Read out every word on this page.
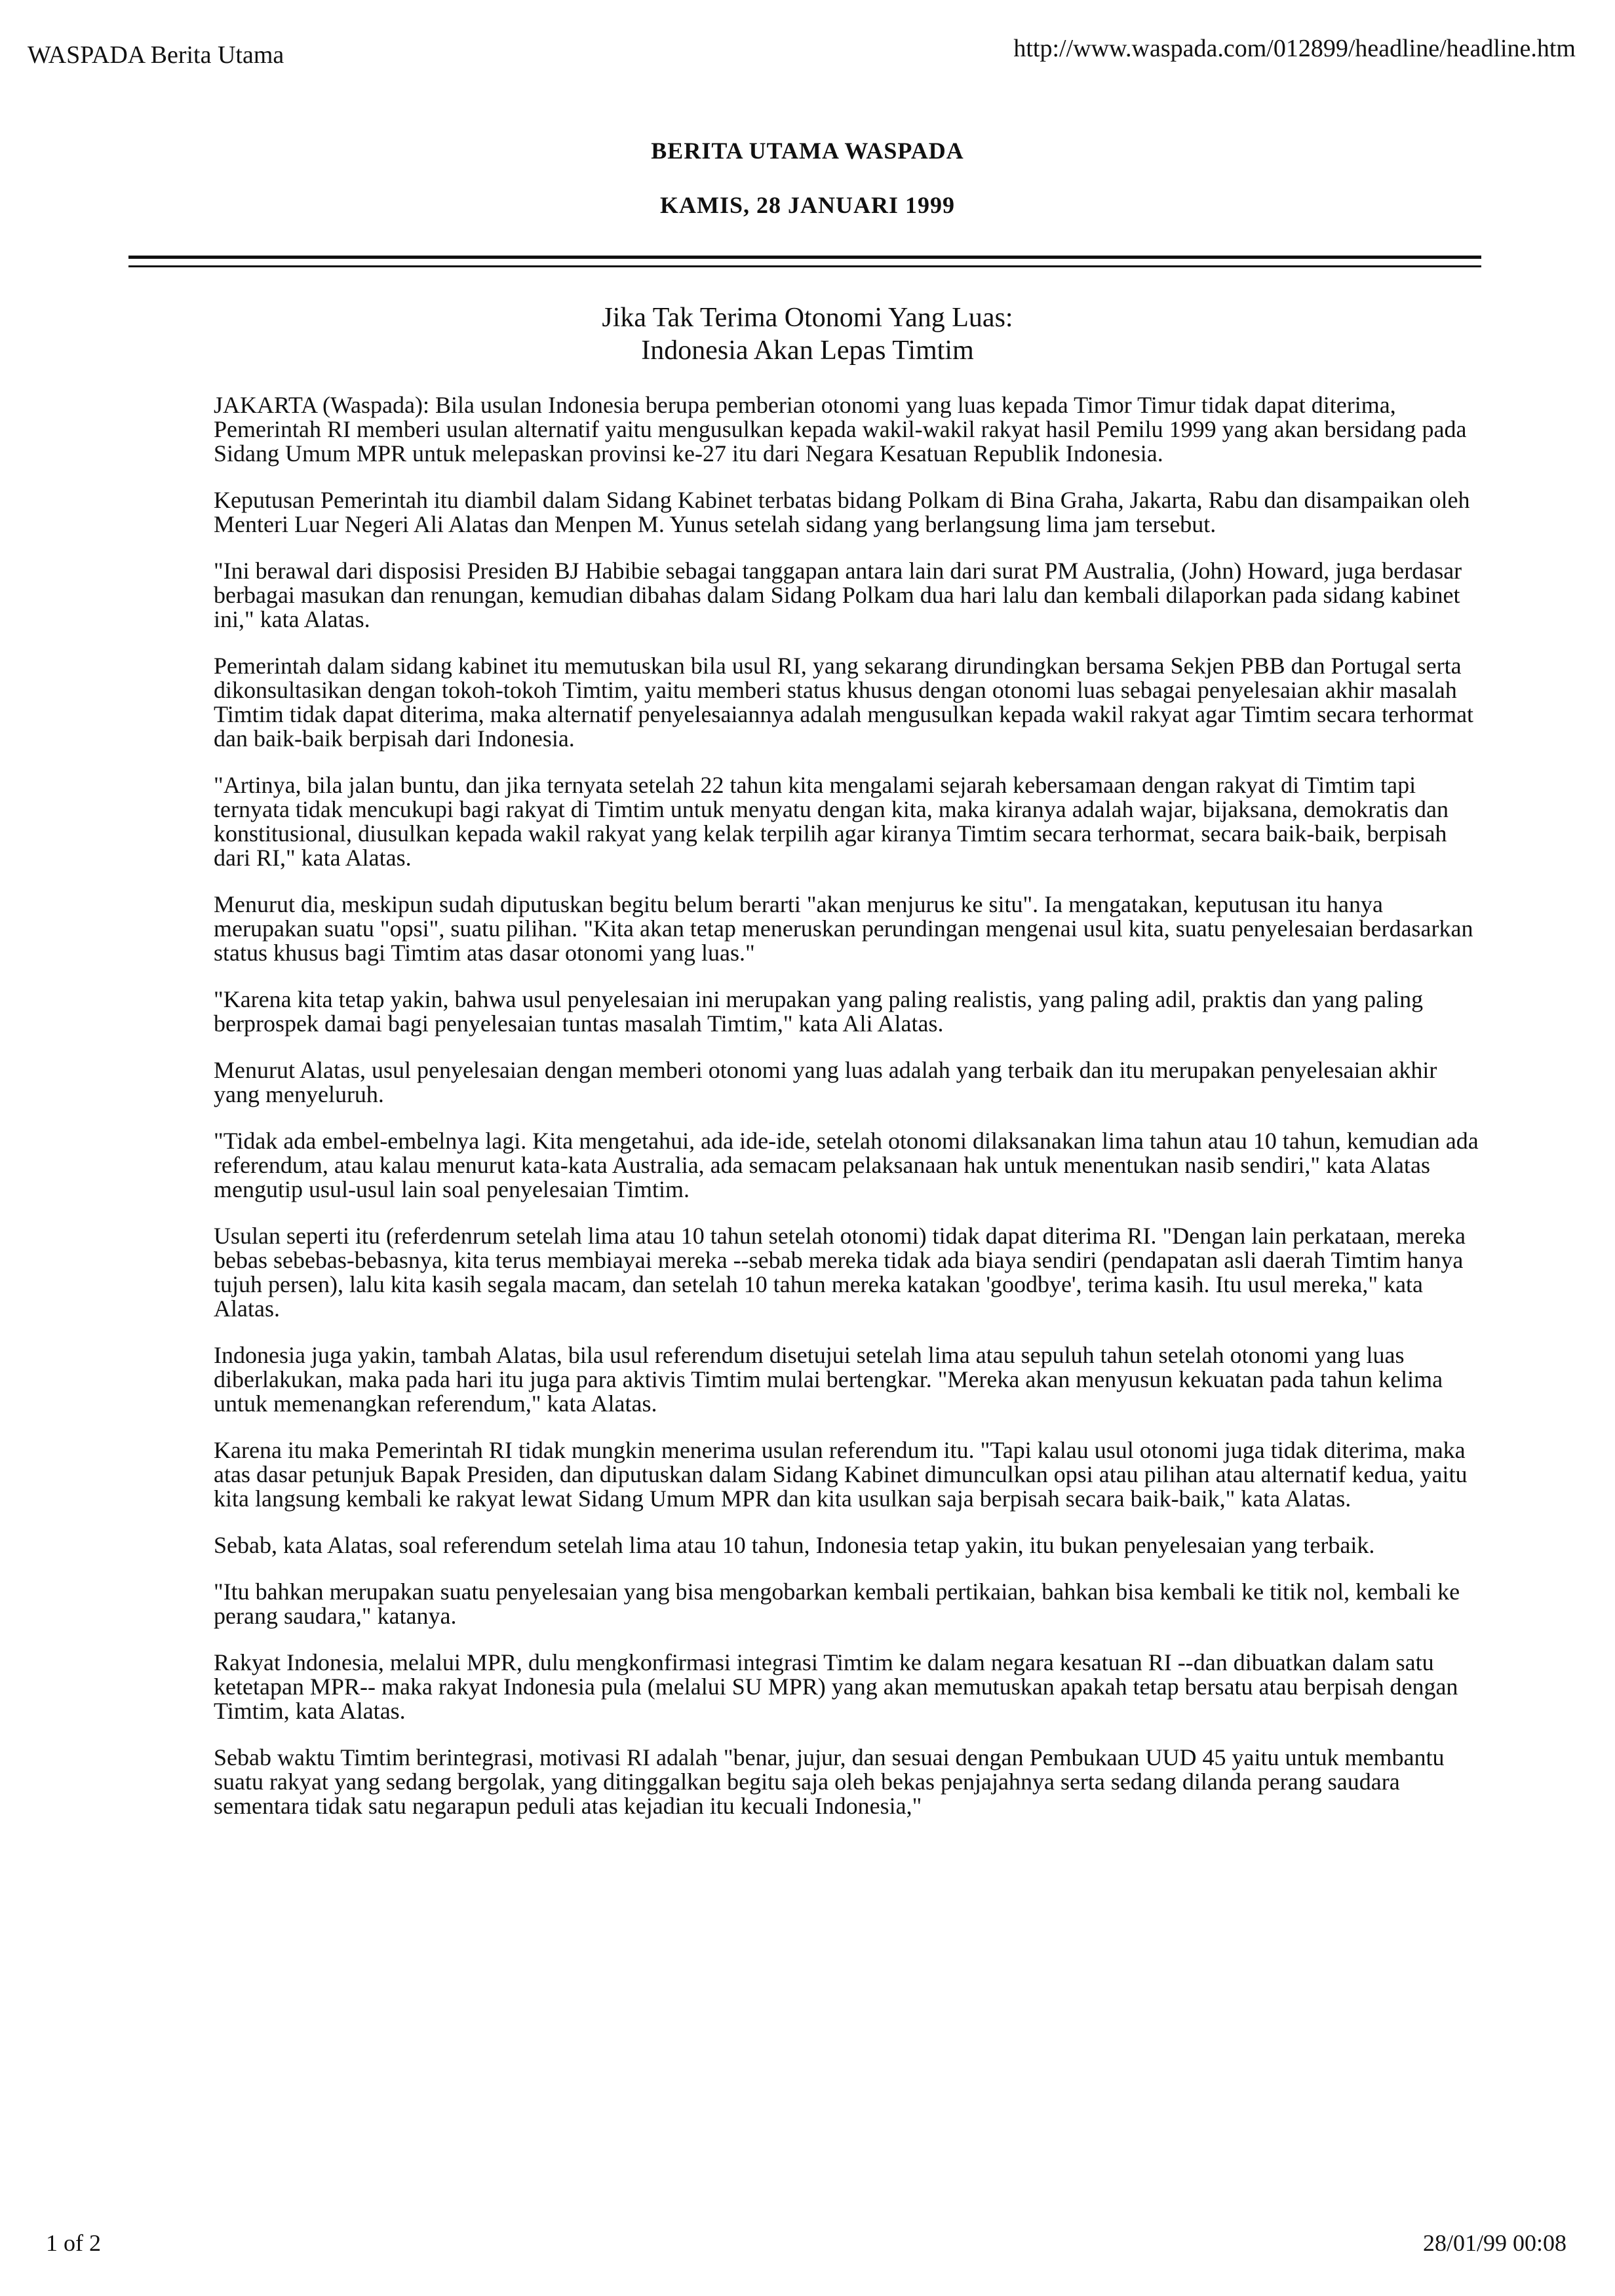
WASPADA Berita Utama	http://www.waspada.com/012899/headline/headline.htm
BERITA UTAMA WASPADA
KAMIS, 28 JANUARI 1999
Jika Tak Terima Otonomi Yang Luas:
Indonesia Akan Lepas Timtim

JAKARTA (Waspada): Bila usulan Indonesia berupa pemberian otonomi yang luas kepada Timor Timur tidak dapat diterima, Pemerintah RI memberi usulan alternatif yaitu mengusulkan kepada wakil-wakil rakyat hasil Pemilu 1999 yang akan bersidang pada Sidang Umum MPR untuk melepaskan provinsi ke-27 itu dari Negara Kesatuan Republik Indonesia.

Keputusan Pemerintah itu diambil dalam Sidang Kabinet terbatas bidang Polkam di Bina Graha, Jakarta, Rabu dan disampaikan oleh Menteri Luar Negeri Ali Alatas dan Menpen M. Yunus setelah sidang yang berlangsung lima jam tersebut.

"Ini berawal dari disposisi Presiden BJ Habibie sebagai tanggapan antara lain dari surat PM Australia, (John) Howard, juga berdasar berbagai masukan dan renungan, kemudian dibahas dalam Sidang Polkam dua hari lalu dan kembali dilaporkan pada sidang kabinet ini," kata Alatas.

Pemerintah dalam sidang kabinet itu memutuskan bila usul RI, yang sekarang dirundingkan bersama Sekjen PBB dan Portugal serta dikonsultasikan dengan tokoh-tokoh Timtim, yaitu memberi status khusus dengan otonomi luas sebagai penyelesaian akhir masalah Timtim tidak dapat diterima, maka alternatif penyelesaiannya adalah mengusulkan kepada wakil rakyat agar Timtim secara terhormat dan baik-baik berpisah dari Indonesia.

"Artinya, bila jalan buntu, dan jika ternyata setelah 22 tahun kita mengalami sejarah kebersamaan dengan rakyat di Timtim tapi ternyata tidak mencukupi bagi rakyat di Timtim untuk menyatu dengan kita, maka kiranya adalah wajar, bijaksana, demokratis dan konstitusional, diusulkan kepada wakil rakyat yang kelak terpilih agar kiranya Timtim secara terhormat, secara baik-baik, berpisah dari RI," kata Alatas.

Menurut dia, meskipun sudah diputuskan begitu belum berarti "akan menjurus ke situ". Ia mengatakan, keputusan itu hanya merupakan suatu "opsi", suatu pilihan. "Kita akan tetap meneruskan perundingan mengenai usul kita, suatu penyelesaian berdasarkan status khusus bagi Timtim atas dasar otonomi yang luas."

"Karena kita tetap yakin, bahwa usul penyelesaian ini merupakan yang paling realistis, yang paling adil, praktis dan yang paling berprospek damai bagi penyelesaian tuntas masalah Timtim," kata Ali Alatas.

Menurut Alatas, usul penyelesaian dengan memberi otonomi yang luas adalah yang terbaik dan itu merupakan penyelesaian akhir yang menyeluruh.

"Tidak ada embel-embelnya lagi. Kita mengetahui, ada ide-ide, setelah otonomi dilaksanakan lima tahun atau 10 tahun, kemudian ada referendum, atau kalau menurut kata-kata Australia, ada semacam pelaksanaan hak untuk menentukan nasib sendiri," kata Alatas mengutip usul-usul lain soal penyelesaian Timtim.

Usulan seperti itu (referdenrum setelah lima atau 10 tahun setelah otonomi) tidak dapat diterima RI. "Dengan lain perkataan, mereka bebas sebebas-bebasnya, kita terus membiayai mereka --sebab mereka tidak ada biaya sendiri (pendapatan asli daerah Timtim hanya tujuh persen), lalu kita kasih segala macam, dan setelah 10 tahun mereka katakan 'goodbye', terima kasih. Itu usul mereka," kata Alatas.

Indonesia juga yakin, tambah Alatas, bila usul referendum disetujui setelah lima atau sepuluh tahun setelah otonomi yang luas diberlakukan, maka pada hari itu juga para aktivis Timtim mulai bertengkar. "Mereka akan menyusun kekuatan pada tahun kelima untuk memenangkan referendum," kata Alatas.

Karena itu maka Pemerintah RI tidak mungkin menerima usulan referendum itu. "Tapi kalau usul otonomi juga tidak diterima, maka atas dasar petunjuk Bapak Presiden, dan diputuskan dalam Sidang Kabinet dimunculkan opsi atau pilihan atau alternatif kedua, yaitu kita langsung kembali ke rakyat lewat Sidang Umum MPR dan kita usulkan saja berpisah secara baik-baik," kata Alatas.

Sebab, kata Alatas, soal referendum setelah lima atau 10 tahun, Indonesia tetap yakin, itu bukan penyelesaian yang terbaik.

"Itu bahkan merupakan suatu penyelesaian yang bisa mengobarkan kembali pertikaian, bahkan bisa kembali ke titik nol, kembali ke perang saudara," katanya.

Rakyat Indonesia, melalui MPR, dulu mengkonfirmasi integrasi Timtim ke dalam negara kesatuan RI --dan dibuatkan dalam satu ketetapan MPR-- maka rakyat Indonesia pula (melalui SU MPR) yang akan memutuskan apakah tetap bersatu atau berpisah dengan Timtim, kata Alatas.

Sebab waktu Timtim berintegrasi, motivasi RI adalah "benar, jujur, dan sesuai dengan Pembukaan UUD 45 yaitu untuk membantu suatu rakyat yang sedang bergolak, yang ditinggalkan begitu saja oleh bekas penjajahnya serta sedang dilanda perang saudara sementara tidak satu negarapun peduli atas kejadian itu kecuali Indonesia,"

1 of 2	28/01/99 00:08
